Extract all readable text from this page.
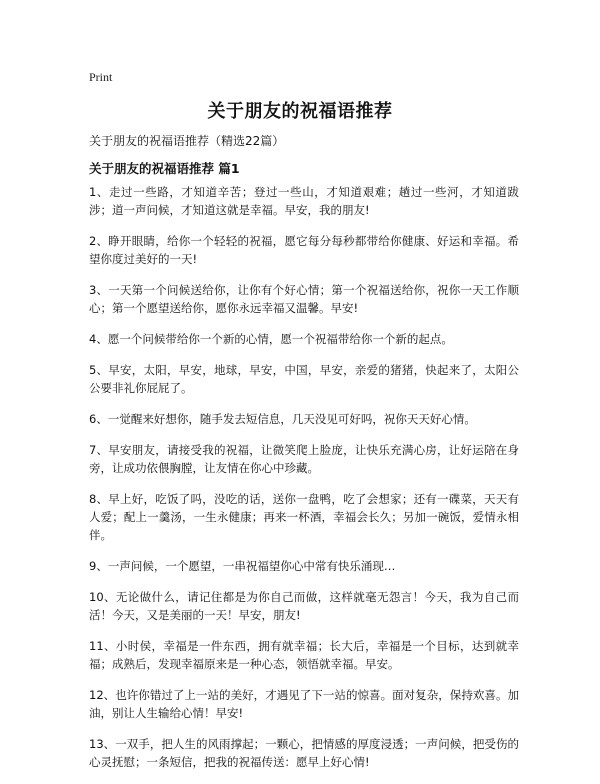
Print
关于朋友的祝福语推荐
关于朋友的祝福语推荐（精选22篇）
关于朋友的祝福语推荐 篇1

1、走过一些路，才知道辛苦；登过一些山，才知道艰难；趟过一些河，才知道跋涉；道一声问候，才知道这就是幸福。早安，我的朋友!

2、睁开眼睛，给你一个轻轻的祝福，愿它每分每秒都带给你健康、好运和幸福。希望你度过美好的一天!

3、一天第一个问候送给你，让你有个好心情；第一个祝福送给你，祝你一天工作顺心；第一个愿望送给你，愿你永远幸福又温馨。早安!

4、愿一个问候带给你一个新的心情，愿一个祝福带给你一个新的起点。

5、早安，太阳，早安，地球，早安，中国，早安，亲爱的猪猪，快起来了，太阳公公要非礼你屁屁了。

6、一觉醒来好想你，随手发去短信息，几天没见可好吗，祝你天天好心情。

7、早安朋友，请接受我的祝福，让微笑爬上脸庞，让快乐充满心房，让好运陪在身旁，让成功依偎胸膛，让友情在你心中珍藏。

8、早上好，吃饭了吗，没吃的话，送你一盘鸭，吃了会想家；还有一碟菜，天天有人爱；配上一羹汤，一生永健康；再来一杯酒，幸福会长久；另加一碗饭，爱情永相伴。

9、一声问候，一个愿望，一串祝福望你心中常有快乐涌现…

10、无论做什么，请记住都是为你自己而做，这样就毫无怨言！今天，我为自己而活！今天，又是美丽的一天！早安，朋友!

11、小时侯，幸福是一件东西，拥有就幸福；长大后，幸福是一个目标，达到就幸福；成熟后，发现幸福原来是一种心态，领悟就幸福。早安。

12、也许你错过了上一站的美好，才遇见了下一站的惊喜。面对复杂，保持欢喜。加油，别让人生输给心情！早安!

13、一双手，把人生的风雨撑起；一颗心，把情感的厚度浸透；一声问候，把受伤的心灵抚慰；一条短信，把我的祝福传送：愿早上好心情!
